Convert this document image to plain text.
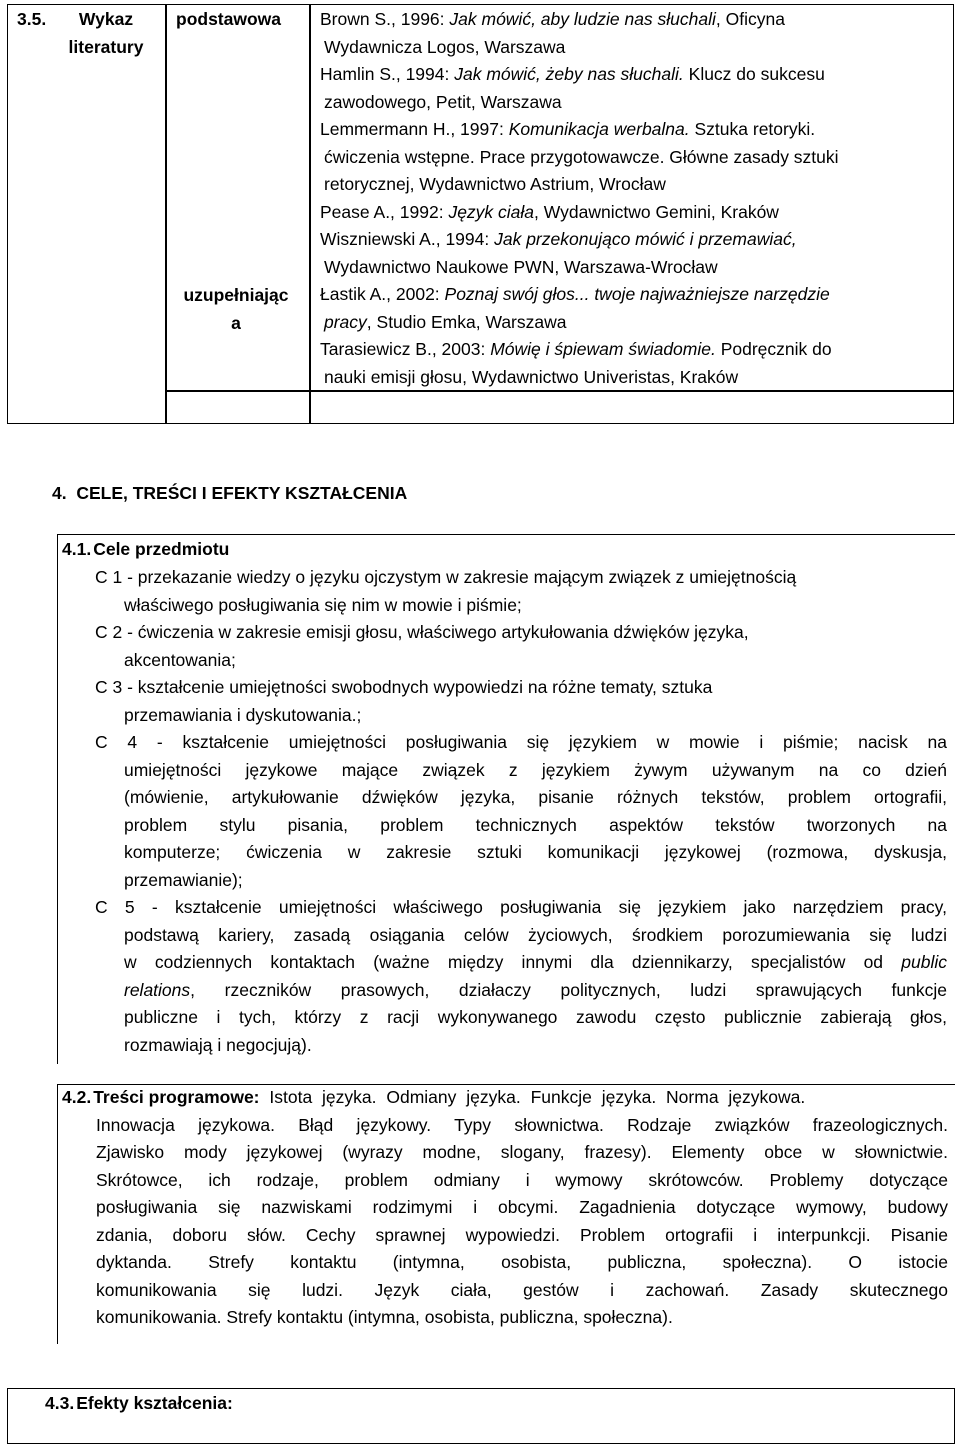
3.5.	Wykaz
literatury
podstawowa
uzupełniając
a
Brown S., 1996: Jak mówić, aby ludzie nas słuchali, Oficyna
Wydawnicza Logos, Warszawa
Hamlin S., 1994: Jak mówić, żeby nas słuchali. Klucz do sukcesu
zawodowego, Petit, Warszawa
Lemmermann H., 1997: Komunikacja werbalna. Sztuka retoryki.
ćwiczenia wstępne. Prace przygotowawcze. Główne zasady sztuki
retorycznej, Wydawnictwo Astrium, Wrocław
Pease A., 1992: Język ciała, Wydawnictwo Gemini, Kraków
Wiszniewski A., 1994: Jak przekonująco mówić i przemawiać,
Wydawnictwo Naukowe PWN, Warszawa-Wrocław
Łastik A., 2002: Poznaj swój głos... twoje najważniejsze narzędzie
pracy, Studio Emka, Warszawa
Tarasiewicz B., 2003: Mówię i śpiewam świadomie. Podręcznik do
nauki emisji głosu, Wydawnictwo Univeristas, Kraków
4.  CELE, TREŚCI I EFEKTY KSZTAŁCENIA
4.1. Cele przedmiotu
C 1 - przekazanie wiedzy o języku ojczystym w zakresie mającym związek z umiejętnością
właściwego posługiwania się nim w mowie i piśmie;
C 2 - ćwiczenia w zakresie emisji głosu, właściwego artykułowania dźwięków języka,
akcentowania;
C 3 - kształcenie umiejętności swobodnych wypowiedzi na różne tematy, sztuka
przemawiania i dyskutowania.;
C 4 - kształcenie umiejętności posługiwania się językiem w mowie i piśmie; nacisk na
umiejętności językowe mające związek z językiem żywym używanym na co dzień
(mówienie, artykułowanie dźwięków języka, pisanie różnych tekstów, problem ortografii,
problem stylu pisania, problem technicznych aspektów tekstów tworzonych na
komputerze; ćwiczenia w zakresie sztuki komunikacji językowej (rozmowa, dyskusja,
przemawianie);
C 5 - kształcenie umiejętności właściwego posługiwania się językiem jako narzędziem pracy,
podstawą kariery, zasadą osiągania celów życiowych, środkiem porozumiewania się ludzi
w codziennych kontaktach (ważne między innymi dla dziennikarzy, specjalistów od public
relations, rzeczników prasowych, działaczy politycznych, ludzi sprawujących funkcje
publiczne i tych, którzy z racji wykonywanego zawodu często publicznie zabierają głos,
rozmawiają i negocjują).
4.2. Treści programowe: Istota języka. Odmiany języka. Funkcje języka. Norma językowa.
Innowacja językowa. Błąd językowy. Typy słownictwa. Rodzaje związków frazeologicznych.
Zjawisko mody językowej (wyrazy modne, slogany, frazesy). Elementy obce w słownictwie.
Skrótowce, ich rodzaje, problem odmiany i wymowy skrótowców. Problemy dotyczące
posługiwania się nazwiskami rodzimymi i obcymi. Zagadnienia dotyczące wymowy, budowy
zdania, doboru słów. Cechy sprawnej wypowiedzi. Problem ortografii i interpunkcji. Pisanie
dyktanda. Strefy kontaktu (intymna, osobista, publiczna, społeczna). O istocie
komunikowania się ludzi. Język ciała, gestów i zachowań. Zasady skutecznego
komunikowania. Strefy kontaktu (intymna, osobista, publiczna, społeczna).
4.3. Efekty kształcenia:
